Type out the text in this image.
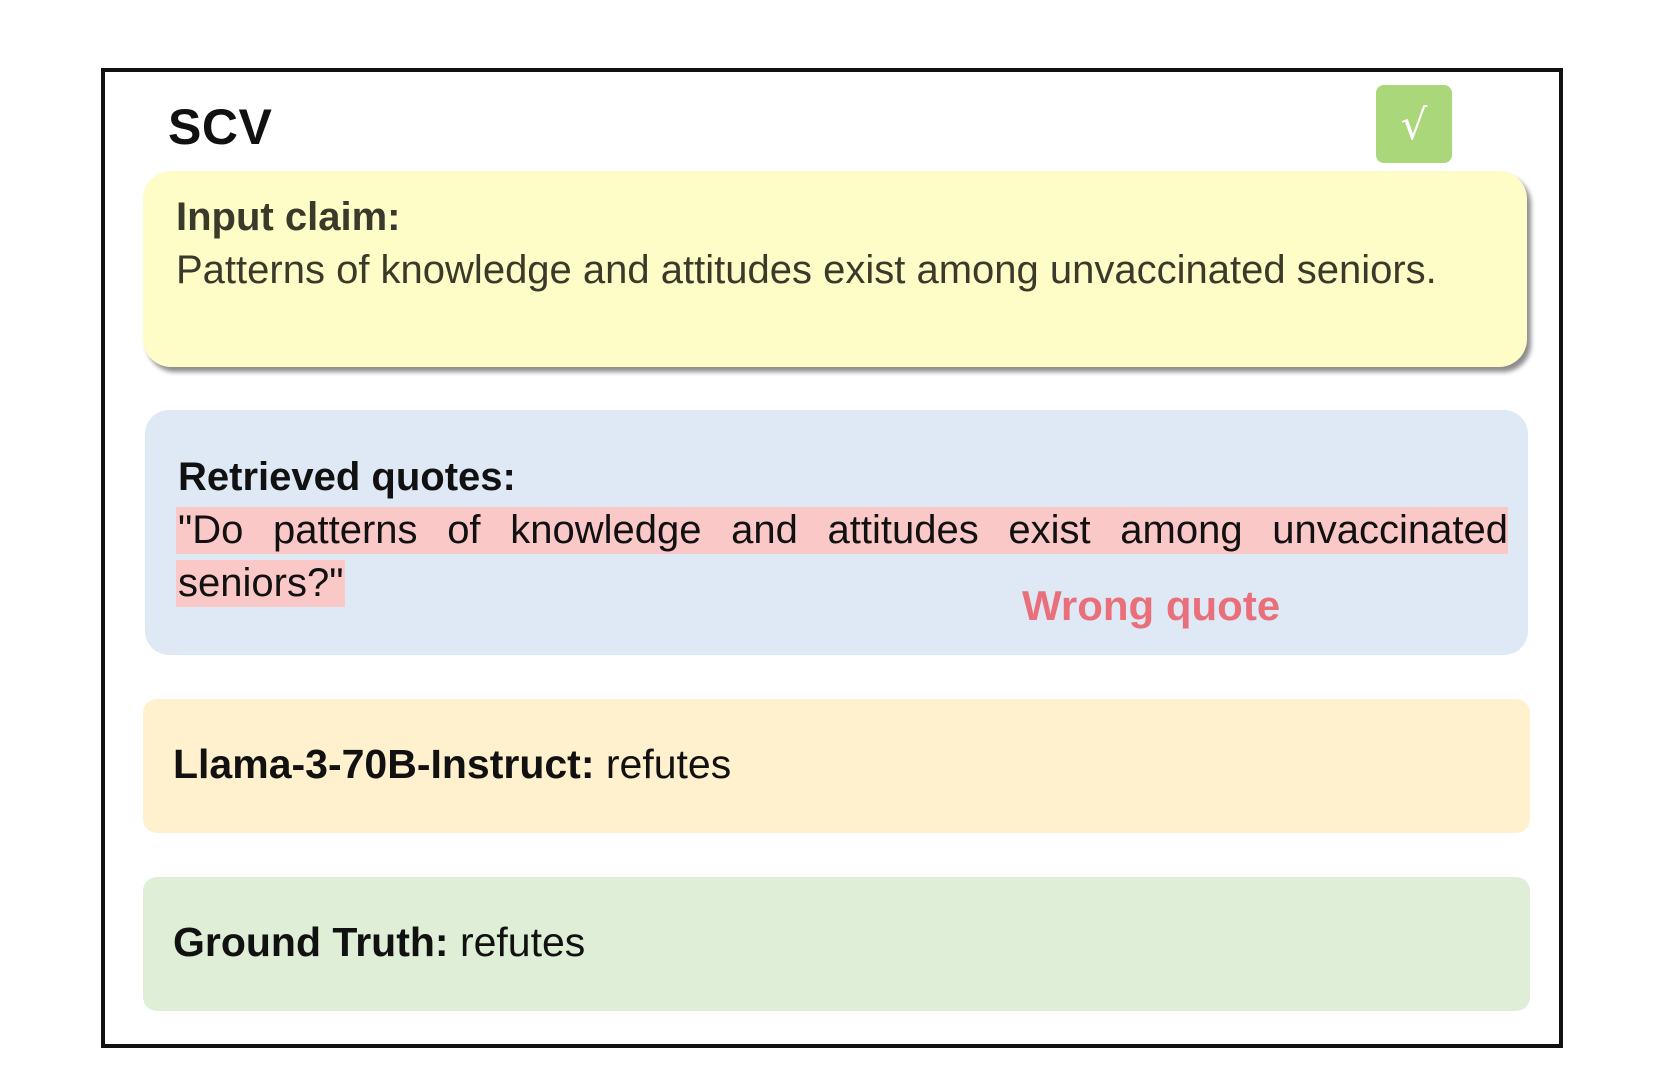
SCV	√
Input claim:
Patterns of knowledge and attitudes exist among unvaccinated seniors.
Retrieved quotes:
"Do patterns of knowledge and attitudes exist among unvaccinated
seniors?"	Wrong quote
Llama-3-70B-Instruct: refutes
Ground Truth: refutes
